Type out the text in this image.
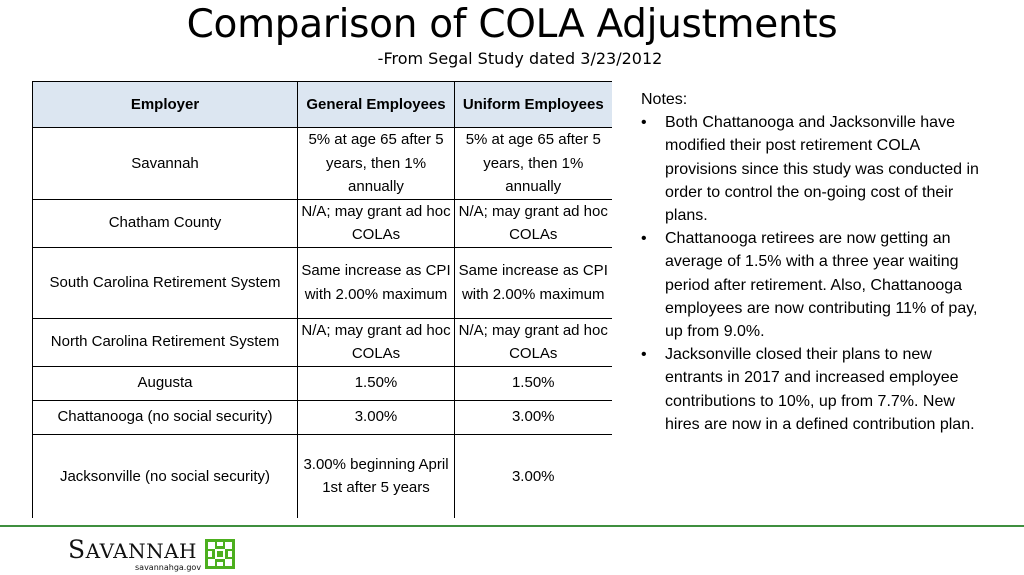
Comparison of COLA Adjustments
-From Segal Study dated 3/23/2012
Employer	General Employees	Uniform Employees
Savannah	5% at age 65 after 5 years, then 1% annually	5% at age 65 after 5 years, then 1% annually
Chatham County	N/A; may grant ad hoc COLAs	N/A; may grant ad hoc COLAs
South Carolina Retirement System	Same increase as CPI with 2.00% maximum	Same increase as CPI with 2.00% maximum
North Carolina Retirement System	N/A; may grant ad hoc COLAs	N/A; may grant ad hoc COLAs
Augusta	1.50%	1.50%
Chattanooga (no social security)	3.00%	3.00%
Jacksonville (no social security)	3.00% beginning April 1st after 5 years	3.00%
Notes:
• Both Chattanooga and Jacksonville have modified their post retirement COLA provisions since this study was conducted in order to control the on-going cost of their plans.
• Chattanooga retirees are now getting an average of 1.5% with a three year waiting period after retirement. Also, Chattanooga employees are now contributing 11% of pay, up from 9.0%.
• Jacksonville closed their plans to new entrants in 2017 and increased employee contributions to 10%, up from 7.7%. New hires are now in a defined contribution plan.
SAVANNAH
savannahga.gov
